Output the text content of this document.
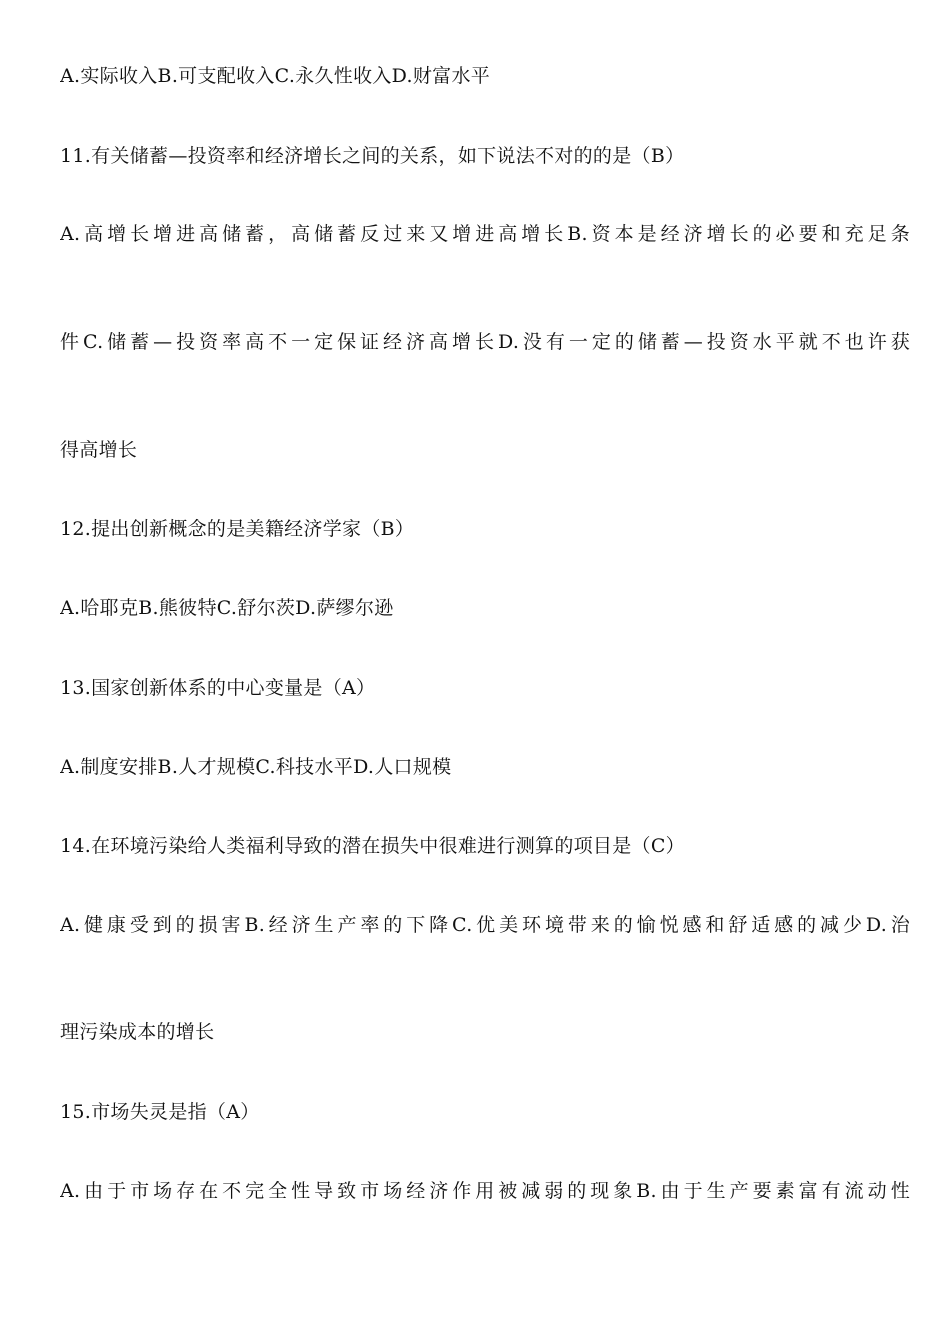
A.实际收入B.可支配收入C.永久性收入D.财富水平
11.有关储蓄—投资率和经济增长之间的关系，如下说法不对的的是（B）
A.高增长增进高储蓄，高储蓄反过来又增进高增长B.资本是经济增长的必要和充足条
件C.储蓄—投资率高不一定保证经济高增长D.没有一定的储蓄—投资水平就不也许获
得高增长
12.提出创新概念的是美籍经济学家（B）
A.哈耶克B.熊彼特C.舒尔茨D.萨缪尔逊
13.国家创新体系的中心变量是（A）
A.制度安排B.人才规模C.科技水平D.人口规模
14.在环境污染给人类福利导致的潜在损失中很难进行测算的项目是（C）
A.健康受到的损害B.经济生产率的下降C.优美环境带来的愉悦感和舒适感的减少D.治
理污染成本的增长
15.市场失灵是指（A）
A.由于市场存在不完全性导致市场经济作用被减弱的现象B.由于生产要素富有流动性
